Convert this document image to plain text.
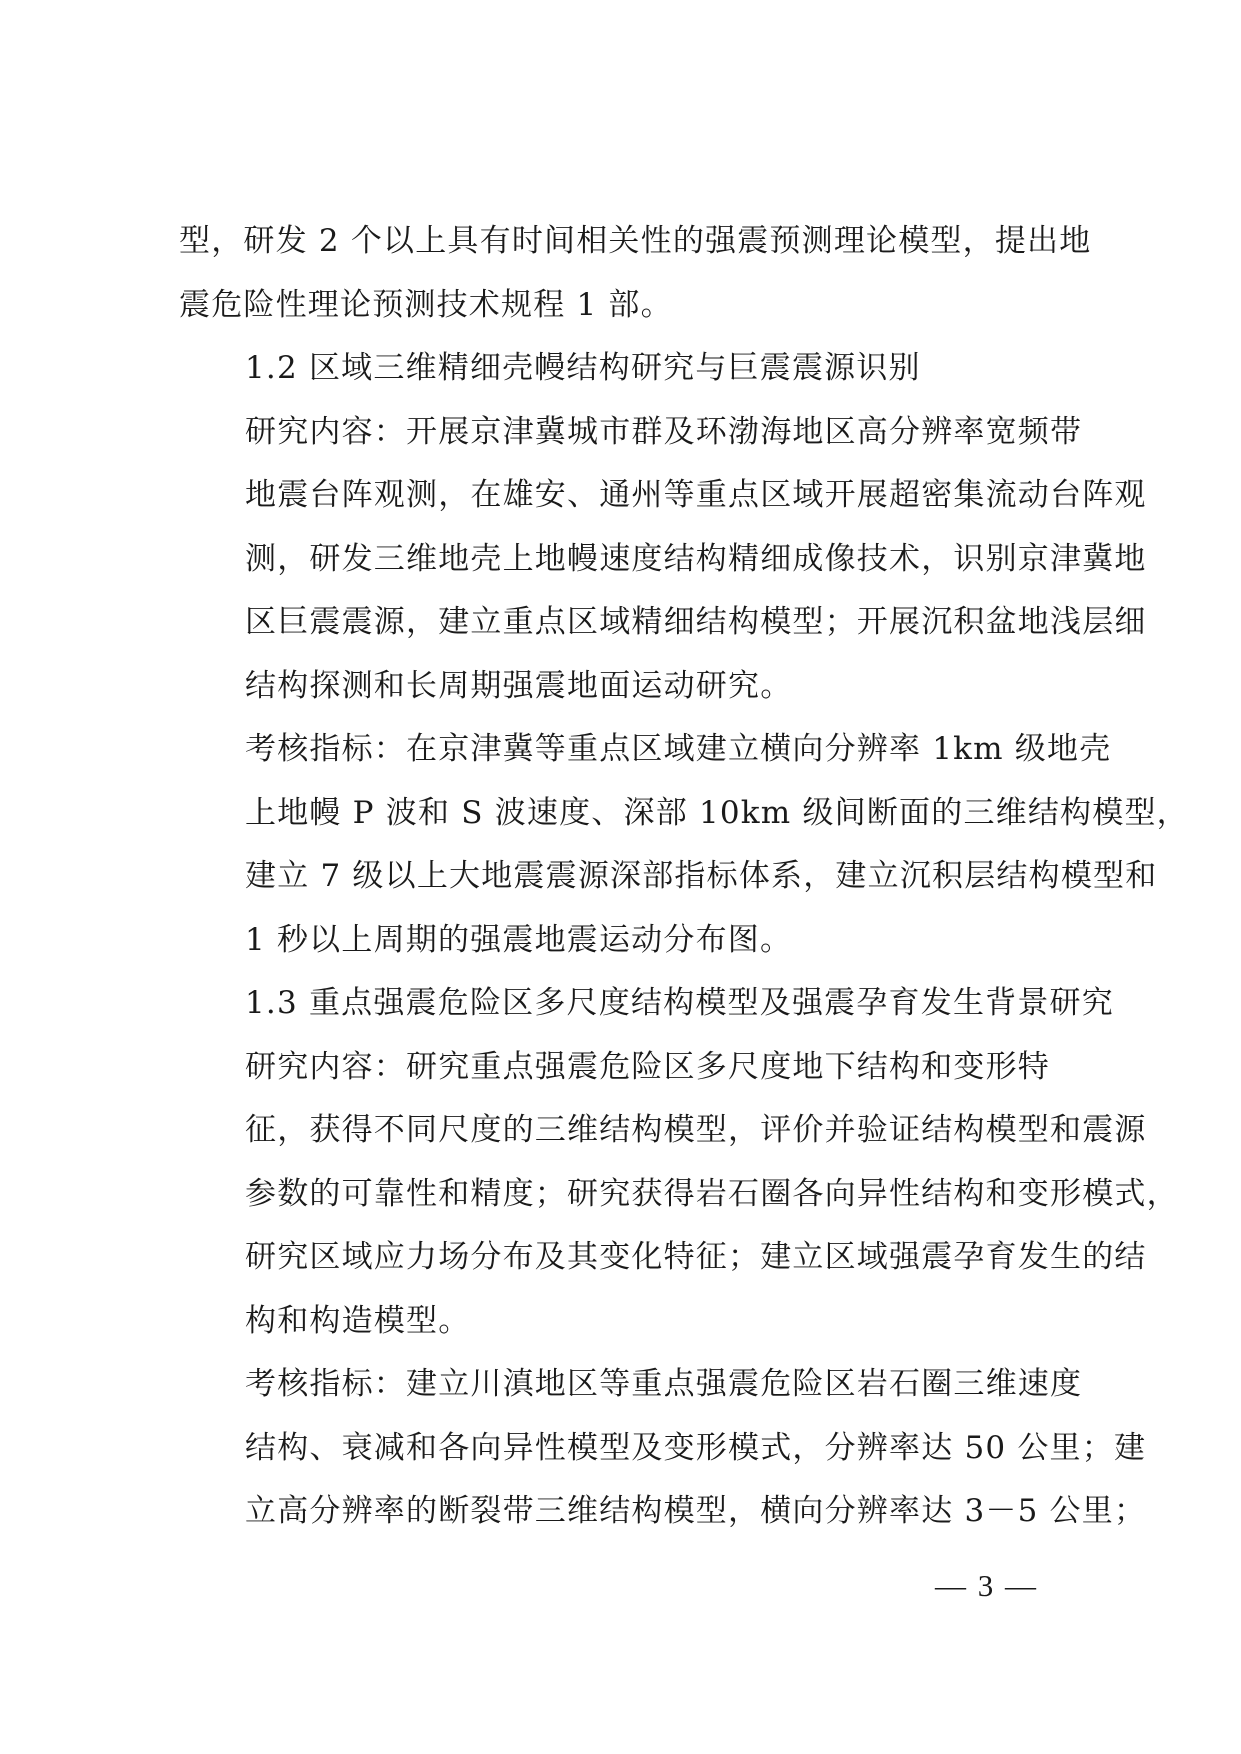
型，研发 2 个以上具有时间相关性的强震预测理论模型，提出地
震危险性理论预测技术规程 1 部。

1.2 区域三维精细壳幔结构研究与巨震震源识别

研究内容：开展京津冀城市群及环渤海地区高分辨率宽频带
地震台阵观测，在雄安、通州等重点区域开展超密集流动台阵观
测，研发三维地壳上地幔速度结构精细成像技术，识别京津冀地
区巨震震源，建立重点区域精细结构模型；开展沉积盆地浅层细
结构探测和长周期强震地面运动研究。

考核指标：在京津冀等重点区域建立横向分辨率 1km 级地壳
上地幔 P 波和 S 波速度、深部 10km 级间断面的三维结构模型，
建立 7 级以上大地震震源深部指标体系，建立沉积层结构模型和
1 秒以上周期的强震地震运动分布图。

1.3 重点强震危险区多尺度结构模型及强震孕育发生背景研究

研究内容：研究重点强震危险区多尺度地下结构和变形特
征，获得不同尺度的三维结构模型，评价并验证结构模型和震源
参数的可靠性和精度；研究获得岩石圈各向异性结构和变形模式，
研究区域应力场分布及其变化特征；建立区域强震孕育发生的结
构和构造模型。

考核指标：建立川滇地区等重点强震危险区岩石圈三维速度
结构、衰减和各向异性模型及变形模式，分辨率达 50 公里；建
立高分辨率的断裂带三维结构模型，横向分辨率达 3－5 公里；

— 3 —
